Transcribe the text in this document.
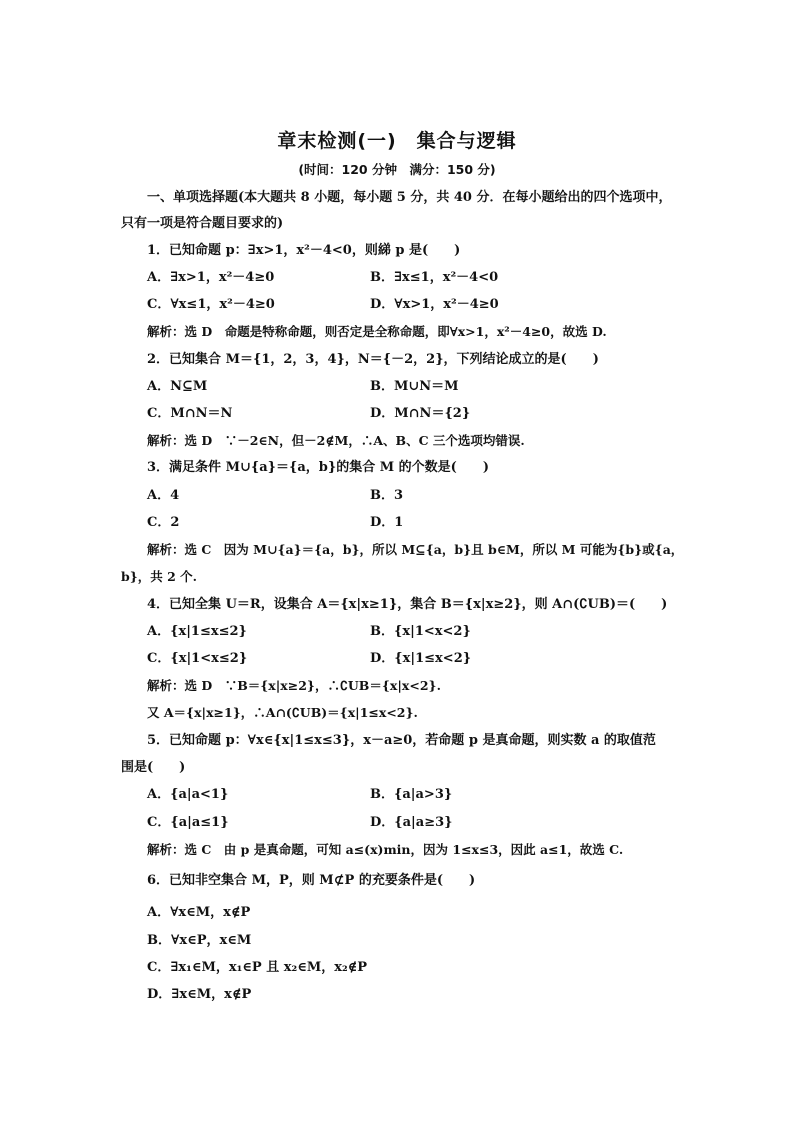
章末检测(一)　集合与逻辑
(时间：120 分钟　满分：150 分)
一、单项选择题(本大题共 8 小题，每小题 5 分，共 40 分．在每小题给出的四个选项中，
只有一项是符合题目要求的)
1．已知命题 p：∃x>1，x²－4<0，则綈 p 是(　　)
A．∃x>1，x²－4≥0	B．∃x≤1，x²－4<0
C．∀x≤1，x²－4≥0	D．∀x>1，x²－4≥0
解析：选 D　命题是特称命题，则否定是全称命题，即∀x>1，x²－4≥0，故选 D.
2．已知集合 M＝{1，2，3，4}，N＝{－2，2}，下列结论成立的是(　　)
A．N⊆M	B．M∪N＝M
C．M∩N＝N	D．M∩N＝{2}
解析：选 D　∵－2∈N，但－2∉M，∴A、B、C 三个选项均错误.
3．满足条件 M∪{a}＝{a，b}的集合 M 的个数是(　　)
A．4	B．3
C．2	D．1
解析：选 C　因为 M∪{a}＝{a，b}，所以 M⊆{a，b}且 b∈M，所以 M 可能为{b}或{a，
b}，共 2 个.
4．已知全集 U＝R，设集合 A＝{x|x≥1}，集合 B＝{x|x≥2}，则 A∩(∁UB)＝(　　)
A．{x|1≤x≤2}	B．{x|1<x<2}
C．{x|1<x≤2}	D．{x|1≤x<2}
解析：选 D　∵B＝{x|x≥2}，∴∁UB＝{x|x<2}.
又 A＝{x|x≥1}，∴A∩(∁UB)＝{x|1≤x<2}.
5．已知命题 p：∀x∈{x|1≤x≤3}，x－a≥0，若命题 p 是真命题，则实数 a 的取值范
围是(　　)
A．{a|a<1}	B．{a|a>3}
C．{a|a≤1}	D．{a|a≥3}
解析：选 C　由 p 是真命题，可知 a≤(x)min，因为 1≤x≤3，因此 a≤1，故选 C.
6．已知非空集合 M，P，则 M⊄P 的充要条件是(　　)
A．∀x∈M，x∉P
B．∀x∈P，x∈M
C．∃x₁∈M，x₁∈P 且 x₂∈M，x₂∉P
D．∃x∈M，x∉P
